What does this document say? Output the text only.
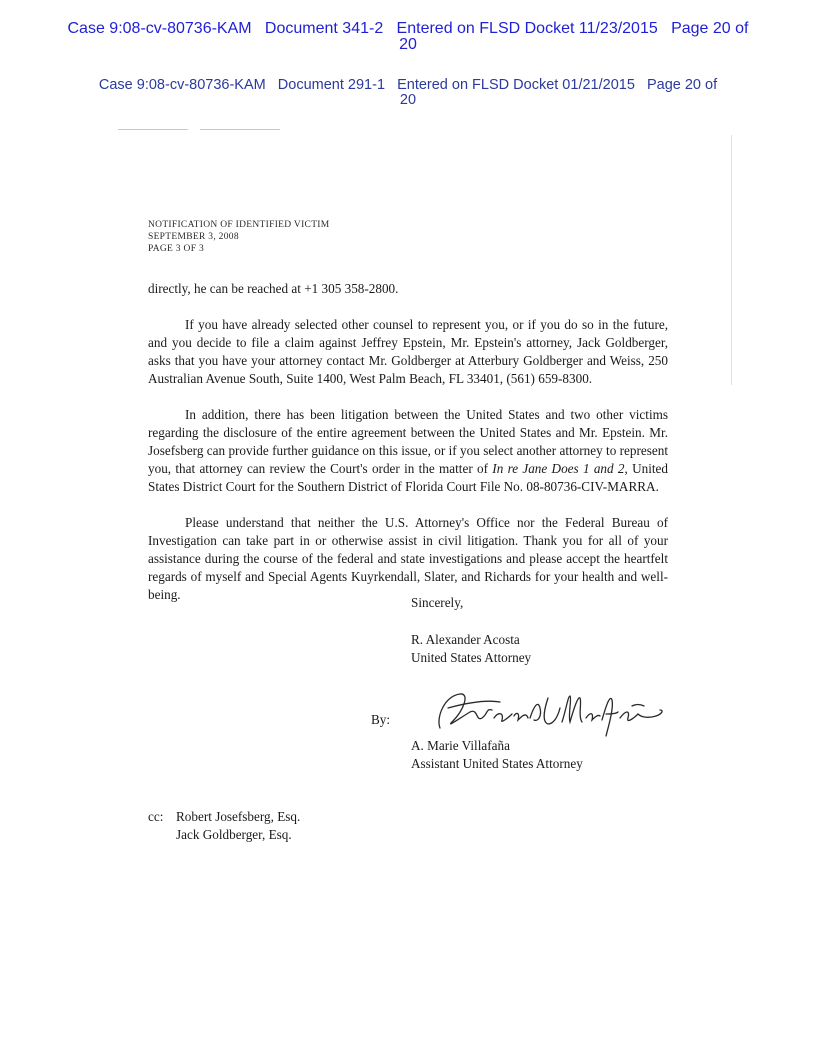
Case 9:08-cv-80736-KAM   Document 341-2   Entered on FLSD Docket 11/23/2015   Page 20 of
20
Case 9:08-cv-80736-KAM   Document 291-1   Entered on FLSD Docket 01/21/2015   Page 20 of
20
NOTIFICATION OF IDENTIFIED VICTIM
SEPTEMBER 3, 2008
PAGE 3 OF 3

directly, he can be reached at +1 305 358-2800.

If you have already selected other counsel to represent you, or if you do so in the future, and you decide to file a claim against Jeffrey Epstein, Mr. Epstein's attorney, Jack Goldberger, asks that you have your attorney contact Mr. Goldberger at Atterbury Goldberger and Weiss, 250 Australian Avenue South, Suite 1400, West Palm Beach, FL 33401, (561) 659-8300.

In addition, there has been litigation between the United States and two other victims regarding the disclosure of the entire agreement between the United States and Mr. Epstein. Mr. Josefsberg can provide further guidance on this issue, or if you select another attorney to represent you, that attorney can review the Court's order in the matter of In re Jane Does 1 and 2, United States District Court for the Southern District of Florida Court File No. 08-80736-CIV-MARRA.

Please understand that neither the U.S. Attorney's Office nor the Federal Bureau of Investigation can take part in or otherwise assist in civil litigation. Thank you for all of your assistance during the course of the federal and state investigations and please accept the heartfelt regards of myself and Special Agents Kuyrkendall, Slater, and Richards for your health and well-being.

Sincerely,
R. Alexander Acosta
United States Attorney
By:
A. Marie Villafaña
Assistant United States Attorney
cc: Robert Josefsberg, Esq.
Jack Goldberger, Esq.
